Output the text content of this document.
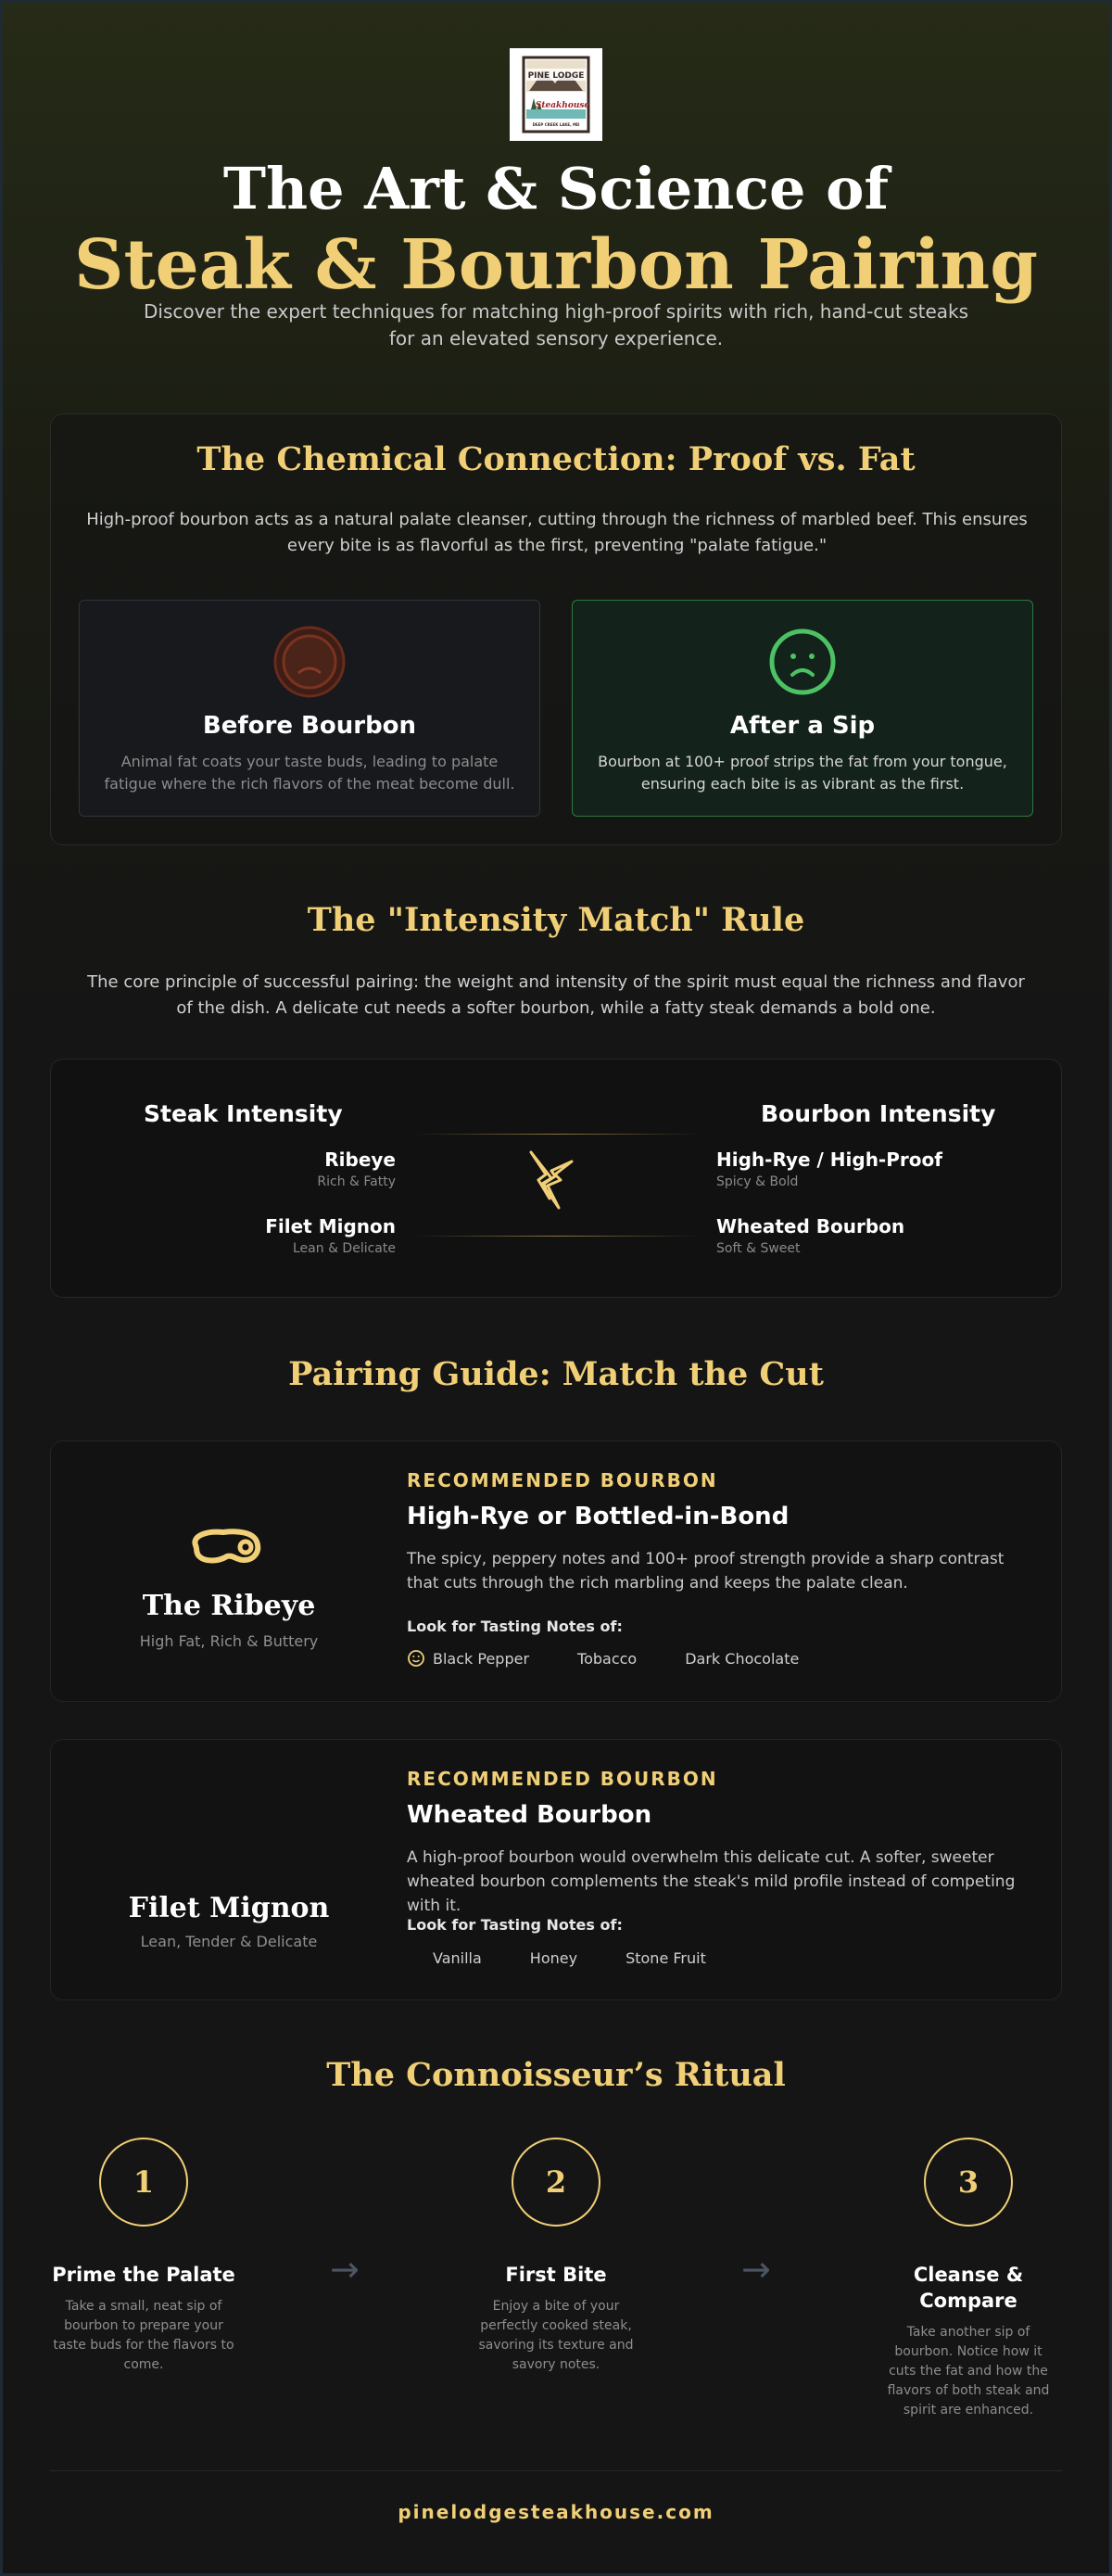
PINE LODGE
Steakhouse
DEEP CREEK LAKE, MD
The Art & Science of
Steak & Bourbon Pairing
Discover the expert techniques for matching high-proof spirits with rich, hand-cut steaks for an elevated sensory experience.
The Chemical Connection: Proof vs. Fat
High-proof bourbon acts as a natural palate cleanser, cutting through the richness of marbled beef. This ensures every bite is as flavorful as the first, preventing "palate fatigue."
Before Bourbon
Animal fat coats your taste buds, leading to palate fatigue where the rich flavors of the meat become dull.
After a Sip
Bourbon at 100+ proof strips the fat from your tongue, ensuring each bite is as vibrant as the first.
The "Intensity Match" Rule
The core principle of successful pairing: the weight and intensity of the spirit must equal the richness and flavor of the dish. A delicate cut needs a softer bourbon, while a fatty steak demands a bold one.
Steak Intensity	Bourbon Intensity
Ribeye
Rich & Fatty
Filet Mignon
Lean & Delicate
High-Rye / High-Proof
Spicy & Bold
Wheated Bourbon
Soft & Sweet
Pairing Guide: Match the Cut
The Ribeye
High Fat, Rich & Buttery
RECOMMENDED BOURBON
High-Rye or Bottled-in-Bond
The spicy, peppery notes and 100+ proof strength provide a sharp contrast that cuts through the rich marbling and keeps the palate clean.
Look for Tasting Notes of:
Black Pepper	Tobacco	Dark Chocolate
Filet Mignon
Lean, Tender & Delicate
RECOMMENDED BOURBON
Wheated Bourbon
A high-proof bourbon would overwhelm this delicate cut. A softer, sweeter wheated bourbon complements the steak's mild profile instead of competing with it.
Look for Tasting Notes of:
Vanilla	Honey	Stone Fruit
The Connoisseur’s Ritual
1
Prime the Palate
Take a small, neat sip of bourbon to prepare your taste buds for the flavors to come.
→
2
First Bite
Enjoy a bite of your perfectly cooked steak, savoring its texture and savory notes.
→
3
Cleanse & Compare
Take another sip of bourbon. Notice how it cuts the fat and how the flavors of both steak and spirit are enhanced.
pinelodgesteakhouse.com
